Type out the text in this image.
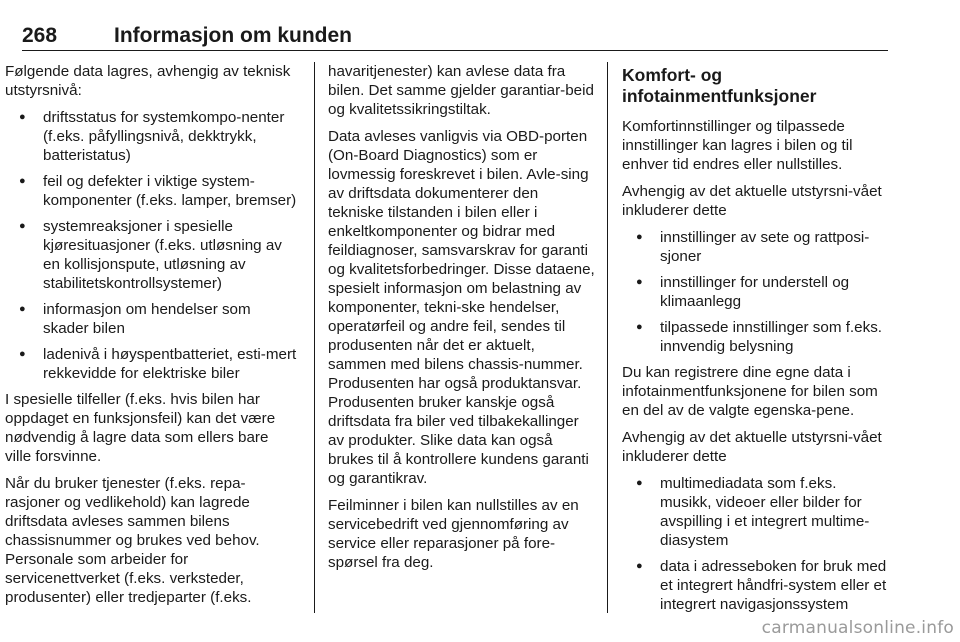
268	Informasjon om kunden

Følgende data lagres, avhengig av teknisk utstyrsnivå:

● driftsstatus for systemkompo-nenter (f.eks. påfyllingsnivå, dekktrykk, batteristatus)
● feil og defekter i viktige system-komponenter (f.eks. lamper, bremser)
● systemreaksjoner i spesielle kjøresituasjoner (f.eks. utløsning av en kollisjonspute, utløsning av stabilitetskontrollsystemer)
● informasjon om hendelser som skader bilen
● ladenivå i høyspentbatteriet, esti-mert rekkevidde for elektriske biler

I spesielle tilfeller (f.eks. hvis bilen har oppdaget en funksjonsfeil) kan det være nødvendig å lagre data som ellers bare ville forsvinne.

Når du bruker tjenester (f.eks. repa-rasjoner og vedlikehold) kan lagrede driftsdata avleses sammen bilens chassisnummer og brukes ved behov. Personale som arbeider for servicenettverket (f.eks. verksteder, produsenter) eller tredjeparter (f.eks.

havaritjenester) kan avlese data fra bilen. Det samme gjelder garantiar-beid og kvalitetssikringstiltak.

Data avleses vanligvis via OBD-porten (On-Board Diagnostics) som er lovmessig foreskrevet i bilen. Avle-sing av driftsdata dokumenterer den tekniske tilstanden i bilen eller i enkeltkomponenter og bidrar med feildiagnoser, samsvarskrav for garanti og kvalitetsforbedringer. Disse dataene, spesielt informasjon om belastning av komponenter, tekni-ske hendelser, operatørfeil og andre feil, sendes til produsenten når det er aktuelt, sammen med bilens chassis-nummer. Produsenten har også produktansvar. Produsenten bruker kanskje også driftsdata fra biler ved tilbakekallinger av produkter. Slike data kan også brukes til å kontrollere kundens garanti og garantikrav.

Feilminner i bilen kan nullstilles av en servicebedrift ved gjennomføring av service eller reparasjoner på fore-spørsel fra deg.

Komfort- og infotainmentfunksjoner

Komfortinnstillinger og tilpassede innstillinger kan lagres i bilen og til enhver tid endres eller nullstilles.

Avhengig av det aktuelle utstyrsni-vået inkluderer dette

● innstillinger av sete og rattposi-sjoner
● innstillinger for understell og klimaanlegg
● tilpassede innstillinger som f.eks. innvendig belysning

Du kan registrere dine egne data i infotainmentfunksjonene for bilen som en del av de valgte egenska-pene.

Avhengig av det aktuelle utstyrsni-vået inkluderer dette

● multimediadata som f.eks. musikk, videoer eller bilder for avspilling i et integrert multime-diasystem
● data i adresseboken for bruk med et integrert håndfri-system eller et integrert navigasjonssystem
carmanualsonline.info
